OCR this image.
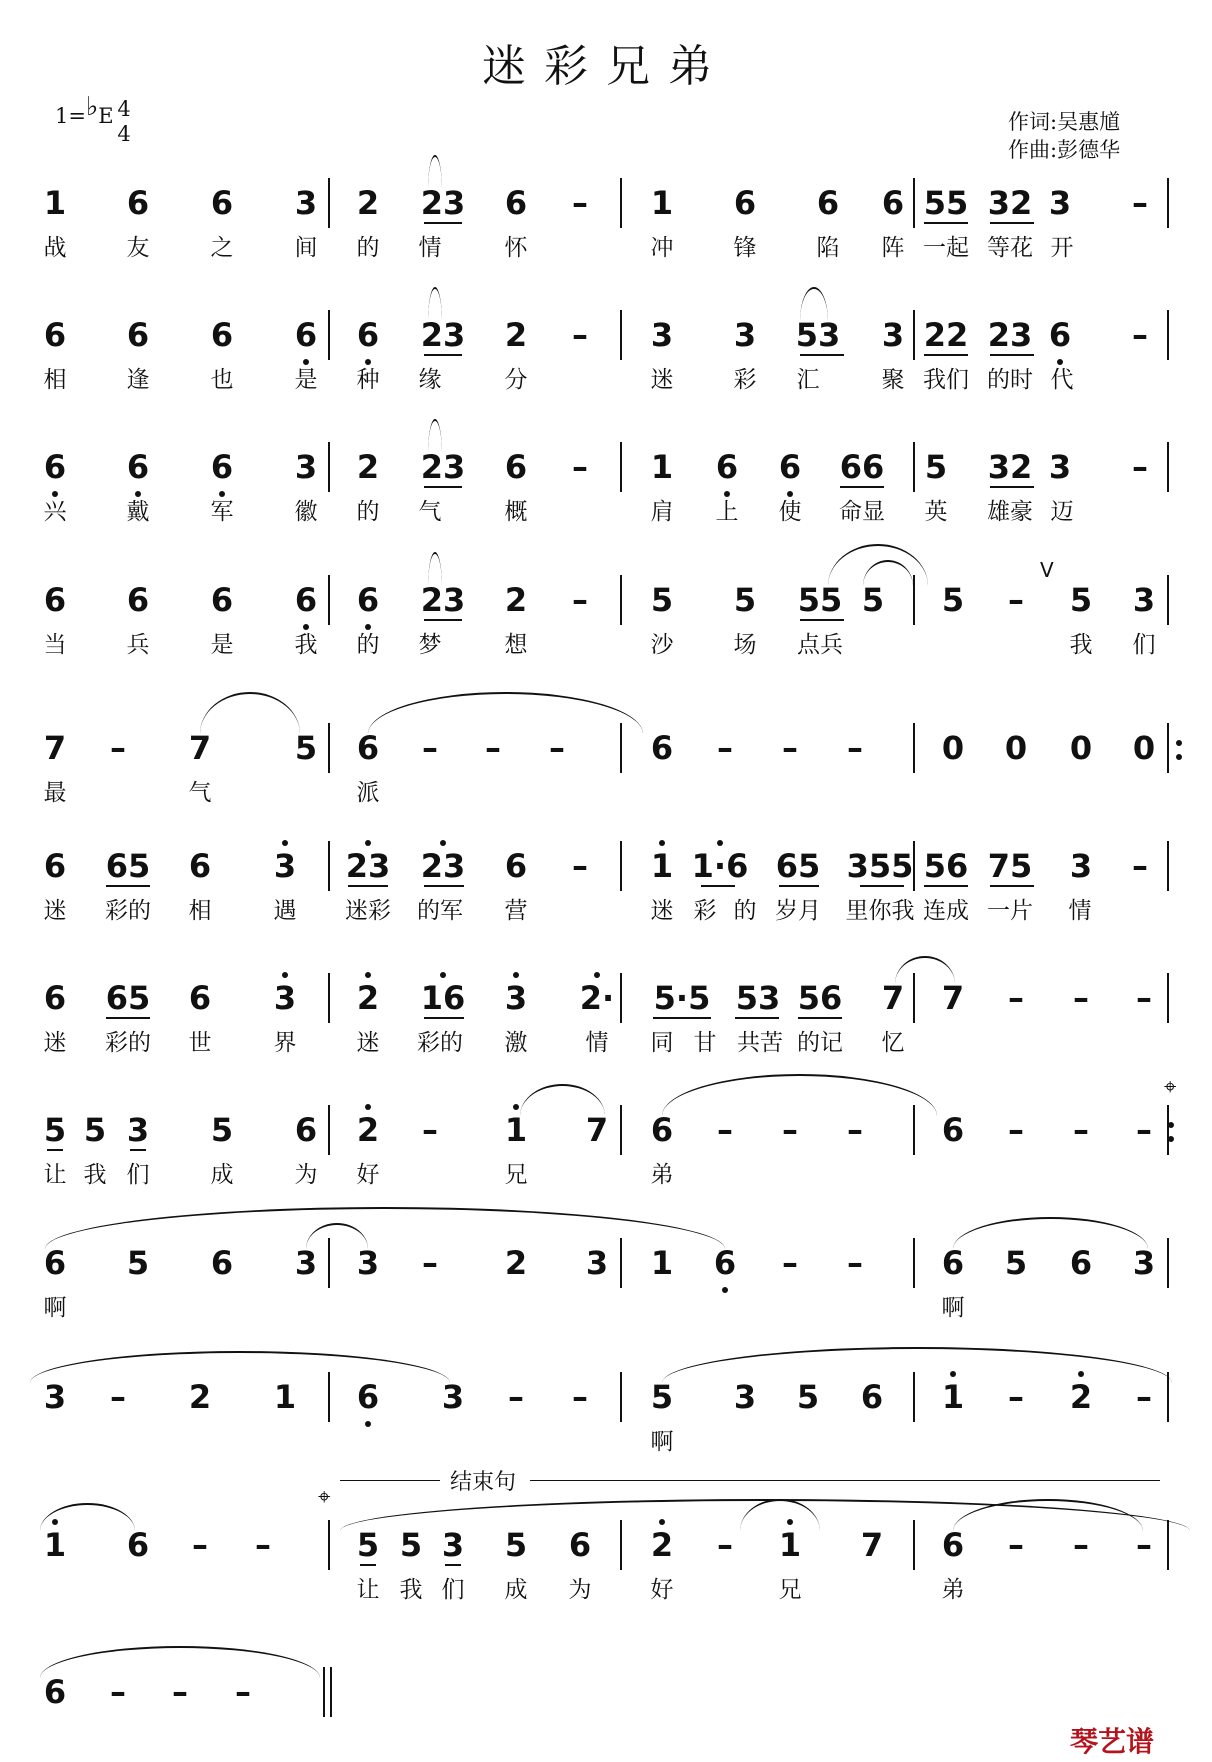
迷彩兄弟
1=♭E 4
4	作词:吴惠馗
作曲:彭德华
1 6 6 3 2 23 6 – 1 6 6 6 55 32 3 –
战	友	之	间 的 情	怀	冲	锋	陷 阵 一起 等花 开
6 6 6 6 6 23 2 – 3 3 53 3 22 23 6 –
相	逢	也	是 种 缘	分	迷	彩 汇	聚 我们 的时 代
6 6 6 3 2 23 6 – 1 6 6 66 5 32 3 –
兴	戴	军	徽 的 气	概	肩 上 使 命显 英 雄豪 迈
6 6 6 6 6 23 2 – 5 5 55 5 5 – 5 3
当	兵	是	我 的 梦	想	沙	场 点兵	我 们
7 – 7	5 6 – – –	6 – – – 0 0 0 0
最	气	派
6 65 6 3 23 23 6 – 1 1·6 65 355 56 75 3 –
迷 彩的 相	遇 迷彩 的军 营	迷 彩 的 岁月 里你我 连成 一片 情
6 65 6 3 2 16 3 2· 5·5 53 56 7 7 – – –
迷 彩的 世	界	迷 彩的 激	情 同 甘 共苦 的记 忆
5 5 3 5 6 2 – 1 7 6 – – – 6 – – –
让 我 们	成	为 好	兄	弟
6 5 6 3 3 – 2 3 1 6 – – 6 5 6 3
啊	啊
3 – 2 1 6 3 – – 5 3 5 6 1 – 2 –
啊
1 6 – –	5 5 3 5 6 2 – 1 7 6 – – –
让 我 们 成 为	好	兄	弟
6 – – –
V
⌖
⌖
结束句
琴艺谱
